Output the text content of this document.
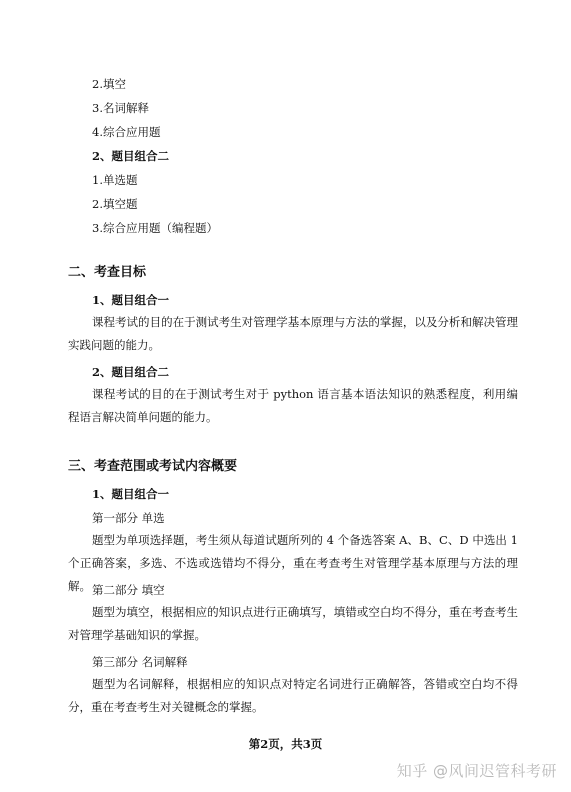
2.填空
3.名词解释
4.综合应用题
2、题目组合二
1.单选题
2.填空题
3.综合应用题（编程题）
二、考查目标
1、题目组合一
课程考试的目的在于测试考生对管理学基本原理与方法的掌握，以及分析和解决管理实践问题的能力。
2、题目组合二
课程考试的目的在于测试考生对于 python 语言基本语法知识的熟悉程度，利用编程语言解决简单问题的能力。
三、考查范围或考试内容概要
1、题目组合一
第一部分 单选
题型为单项选择题，考生须从每道试题所列的 4 个备选答案 A、B、C、D 中选出 1 个正确答案，多选、不选或选错均不得分，重在考查考生对管理学基本原理与方法的理解。 第二部分 填空
题型为填空，根据相应的知识点进行正确填写，填错或空白均不得分，重在考查考生对管理学基础知识的掌握。
第三部分 名词解释
题型为名词解释，根据相应的知识点对特定名词进行正确解答，答错或空白均不得分，重在考查考生对关键概念的掌握。
第2页，共3页
知乎 @风间迟管科考研
